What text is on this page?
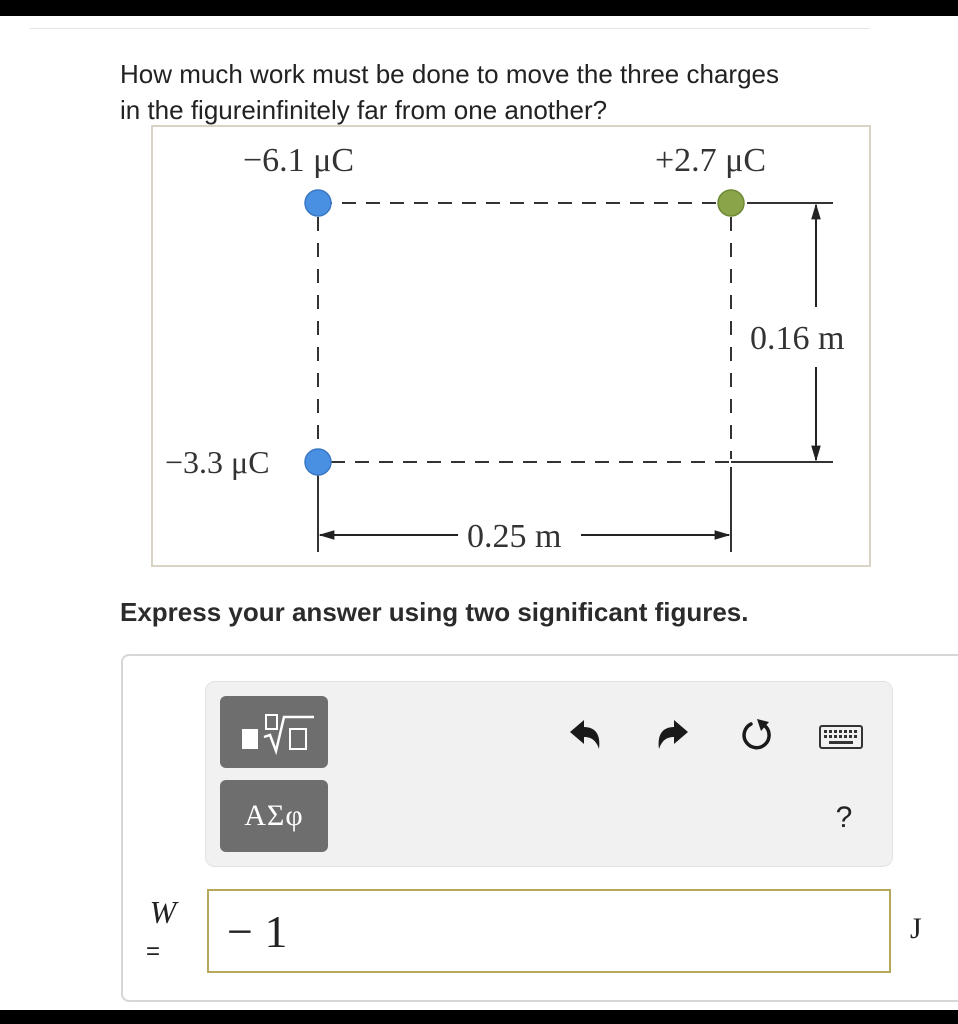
How much work must be done to move the three charges
in the figureinfinitely far from one another?
0.16 m
0.25 m
−6.1 μC	+2.7 μC
−3.3 μC
Express your answer using two significant figures.
ΑΣφ	?
W
=	− 1	J
